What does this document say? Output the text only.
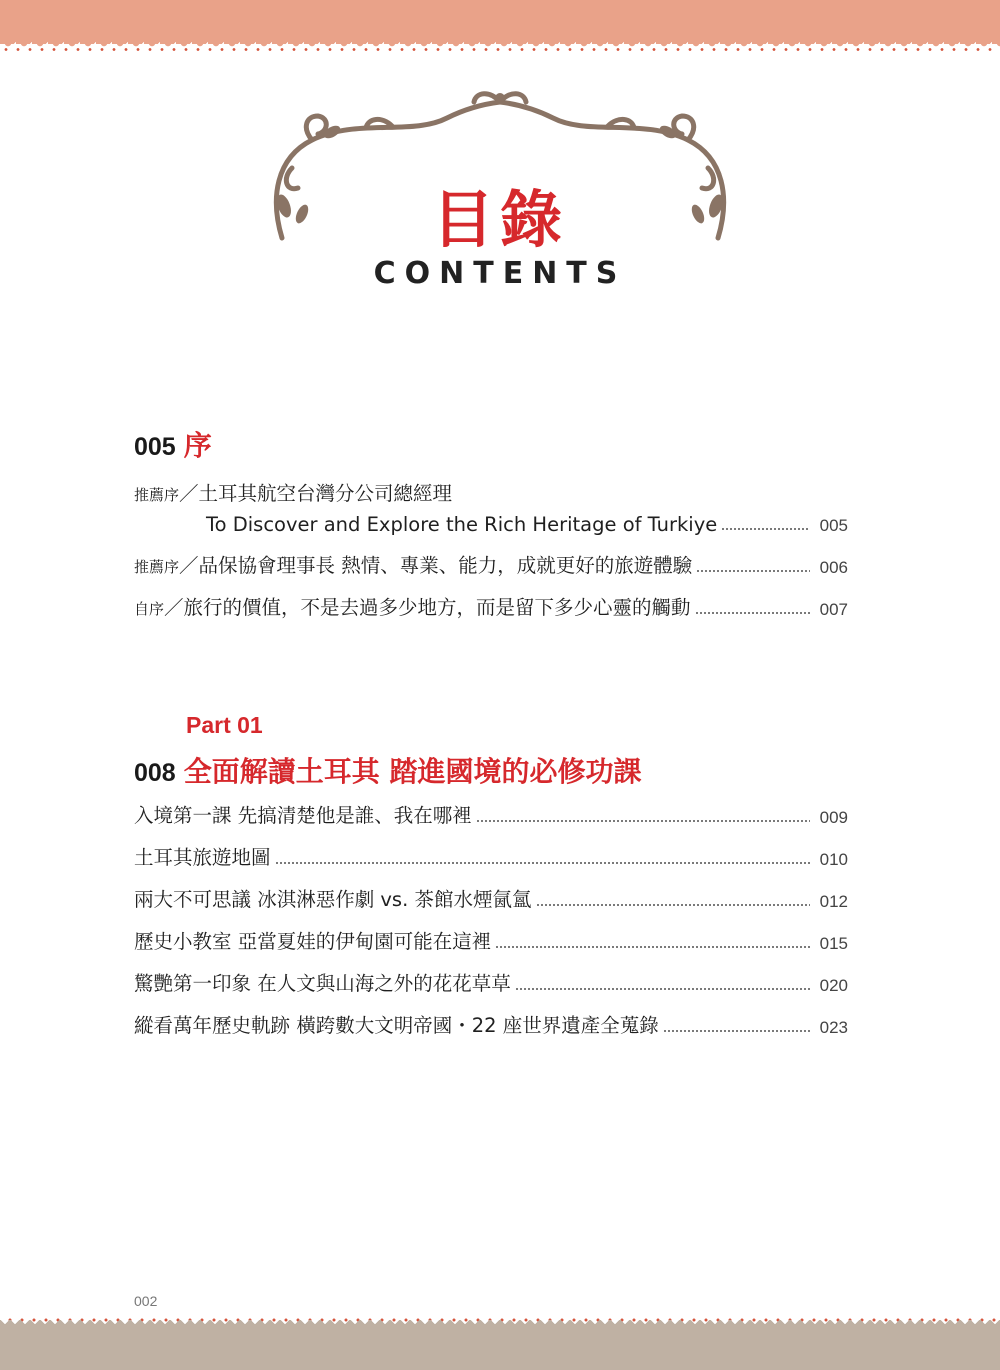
目錄
CONTENTS
005 序
推薦序／土耳其航空台灣分公司總經理
To Discover and Explore the Rich Heritage of Turkiye	005
推薦序／品保協會理事長 熱情、專業、能力，成就更好的旅遊體驗	006
自序／旅行的價值，不是去過多少地方，而是留下多少心靈的觸動	007
Part 01
008 全面解讀土耳其 踏進國境的必修功課
入境第一課 先搞清楚他是誰、我在哪裡	009
土耳其旅遊地圖	010
兩大不可思議 冰淇淋惡作劇 vs. 茶館水煙氤氳	012
歷史小教室 亞當夏娃的伊甸園可能在這裡	015
驚艷第一印象 在人文與山海之外的花花草草	020
縱看萬年歷史軌跡 橫跨數大文明帝國・22 座世界遺產全蒐錄	023
002
